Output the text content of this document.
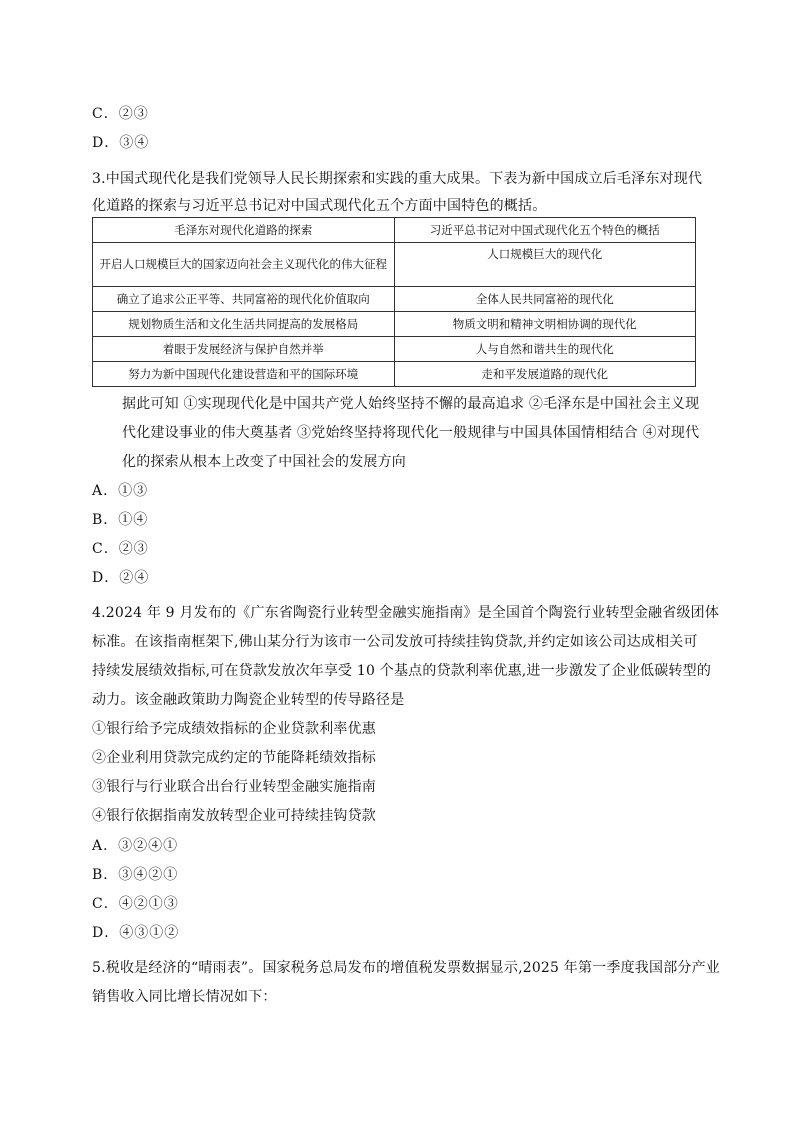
C．②③
D．③④
3.中国式现代化是我们党领导人民长期探索和实践的重大成果。下表为新中国成立后毛泽东对现代
化道路的探索与习近平总书记对中国式现代化五个方面中国特色的概括。
毛泽东对现代化道路的探索	习近平总书记对中国式现代化五个特色的概括
开启人口规模巨大的国家迈向社会主义现代化的伟大征程	人口规模巨大的现代化
确立了追求公正平等、共同富裕的现代化价值取向	全体人民共同富裕的现代化
规划物质生活和文化生活共同提高的发展格局	物质文明和精神文明相协调的现代化
着眼于发展经济与保护自然并举	人与自然和谐共生的现代化
努力为新中国现代化建设营造和平的国际环境	走和平发展道路的现代化
据此可知 ①实现现代化是中国共产党人始终坚持不懈的最高追求 ②毛泽东是中国社会主义现
代化建设事业的伟大奠基者 ③党始终坚持将现代化一般规律与中国具体国情相结合 ④对现代
化的探索从根本上改变了中国社会的发展方向
A．①③
B．①④
C．②③
D．②④
4.2024 年 9 月发布的《广东省陶瓷行业转型金融实施指南》是全国首个陶瓷行业转型金融省级团体
标准。在该指南框架下,佛山某分行为该市一公司发放可持续挂钩贷款,并约定如该公司达成相关可
持续发展绩效指标,可在贷款发放次年享受 10 个基点的贷款利率优惠,进一步激发了企业低碳转型的
动力。该金融政策助力陶瓷企业转型的传导路径是
①银行给予完成绩效指标的企业贷款利率优惠
②企业利用贷款完成约定的节能降耗绩效指标
③银行与行业联合出台行业转型金融实施指南
④银行依据指南发放转型企业可持续挂钩贷款
A．③②④①
B．③④②①
C．④②①③
D．④③①②
5.税收是经济的“晴雨表”。国家税务总局发布的增值税发票数据显示,2025 年第一季度我国部分产业
销售收入同比增长情况如下：
